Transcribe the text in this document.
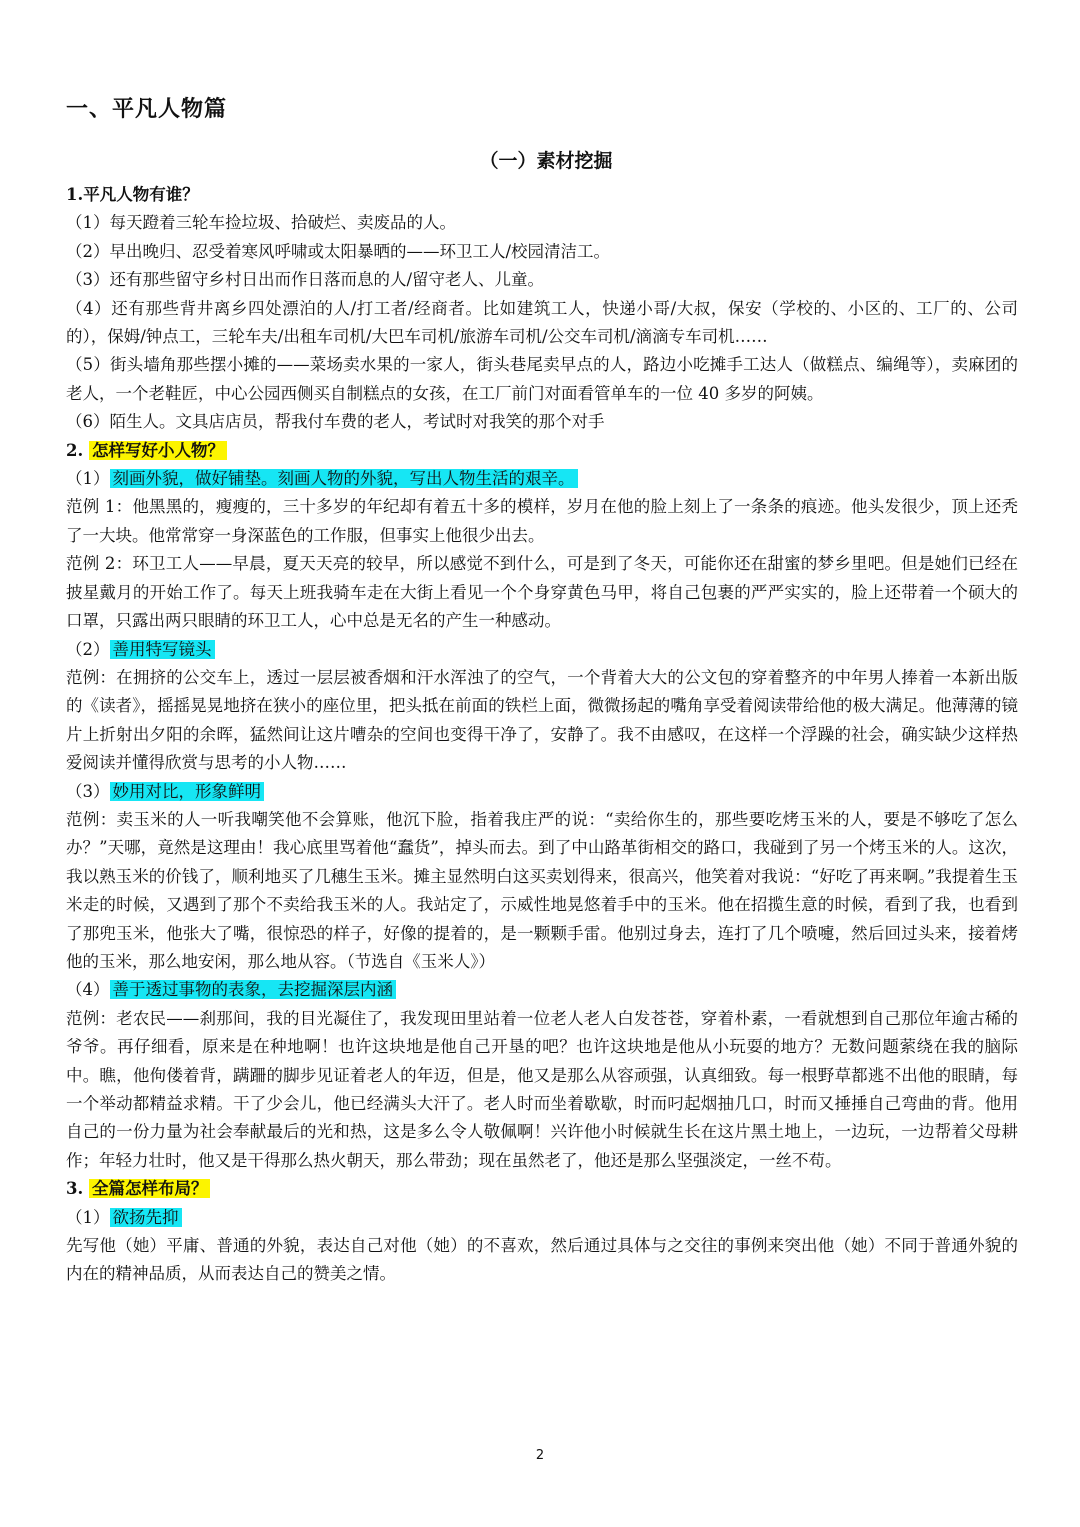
一、平凡人物篇
（一）素材挖掘

1.平凡人物有谁？

（1）每天蹬着三轮车捡垃圾、拾破烂、卖废品的人。

（2）早出晚归、忍受着寒风呼啸或太阳暴晒的——环卫工人/校园清洁工。

（3）还有那些留守乡村日出而作日落而息的人/留守老人、儿童。

（4）还有那些背井离乡四处漂泊的人/打工者/经商者。比如建筑工人，快递小哥/大叔，保安（学校的、小区的、工厂的、公司的），保姆/钟点工，三轮车夫/出租车司机/大巴车司机/旅游车司机/公交车司机/滴滴专车司机……

（5）街头墙角那些摆小摊的——菜场卖水果的一家人，街头巷尾卖早点的人，路边小吃摊手工达人（做糕点、编绳等），卖麻团的老人，一个老鞋匠，中心公园西侧买自制糕点的女孩，在工厂前门对面看管单车的一位 40 多岁的阿姨。

（6）陌生人。文具店店员，帮我付车费的老人，考试时对我笑的那个对手

2. 怎样写好小人物？

（1） 刻画外貌，做好铺垫。刻画人物的外貌，写出人物生活的艰辛。

范例 1：他黑黑的，瘦瘦的，三十多岁的年纪却有着五十多的模样，岁月在他的脸上刻上了一条条的痕迹。他头发很少，顶上还秃了一大块。他常常穿一身深蓝色的工作服，但事实上他很少出去。

范例 2：环卫工人——早晨，夏天天亮的较早，所以感觉不到什么，可是到了冬天，可能你还在甜蜜的梦乡里吧。但是她们已经在披星戴月的开始工作了。每天上班我骑车走在大街上看见一个个身穿黄色马甲，将自己包裹的严严实实的，脸上还带着一个硕大的口罩，只露出两只眼睛的环卫工人，心中总是无名的产生一种感动。

（2） 善用特写镜头

范例：在拥挤的公交车上，透过一层层被香烟和汗水浑浊了的空气，一个背着大大的公文包的穿着整齐的中年男人捧着一本新出版的《读者》，摇摇晃晃地挤在狭小的座位里，把头抵在前面的铁栏上面，微微扬起的嘴角享受着阅读带给他的极大满足。他薄薄的镜片上折射出夕阳的余晖，猛然间让这片嘈杂的空间也变得干净了，安静了。我不由感叹，在这样一个浮躁的社会，确实缺少这样热爱阅读并懂得欣赏与思考的小人物……

（3） 妙用对比，形象鲜明

范例：卖玉米的人一听我嘲笑他不会算账，他沉下脸，指着我庄严的说：“卖给你生的，那些要吃烤玉米的人，要是不够吃了怎么办？”天哪，竟然是这理由！我心底里骂着他“蠢货”，掉头而去。到了中山路革街相交的路口，我碰到了另一个烤玉米的人。这次，我以熟玉米的价钱了，顺利地买了几穗生玉米。摊主显然明白这买卖划得来，很高兴，他笑着对我说：“好吃了再来啊。”我提着生玉米走的时候，又遇到了那个不卖给我玉米的人。我站定了，示威性地晃悠着手中的玉米。他在招揽生意的时候，看到了我，也看到了那兜玉米，他张大了嘴，很惊恐的样子，好像的提着的，是一颗颗手雷。他别过身去，连打了几个喷嚏，然后回过头来，接着烤他的玉米，那么地安闲，那么地从容。（节选自《玉米人》）

（4） 善于透过事物的表象，去挖掘深层内涵

范例：老农民——刹那间，我的目光凝住了，我发现田里站着一位老人老人白发苍苍，穿着朴素，一看就想到自己那位年逾古稀的爷爷。再仔细看，原来是在种地啊！也许这块地是他自己开垦的吧？也许这块地是他从小玩耍的地方？无数问题萦绕在我的脑际中。瞧，他佝偻着背，蹒跚的脚步见证着老人的年迈，但是，他又是那么从容顽强，认真细致。每一根野草都逃不出他的眼睛，每一个举动都精益求精。干了少会儿，他已经满头大汗了。老人时而坐着歇歇，时而叼起烟抽几口，时而又捶捶自己弯曲的背。他用自己的一份力量为社会奉献最后的光和热，这是多么令人敬佩啊！兴许他小时候就生长在这片黑土地上，一边玩，一边帮着父母耕作；年轻力壮时，他又是干得那么热火朝天，那么带劲；现在虽然老了，他还是那么坚强淡定，一丝不苟。

3. 全篇怎样布局？

（1） 欲扬先抑

先写他（她）平庸、普通的外貌，表达自己对他（她）的不喜欢，然后通过具体与之交往的事例来突出他（她）不同于普通外貌的内在的精神品质，从而表达自己的赞美之情。

2
